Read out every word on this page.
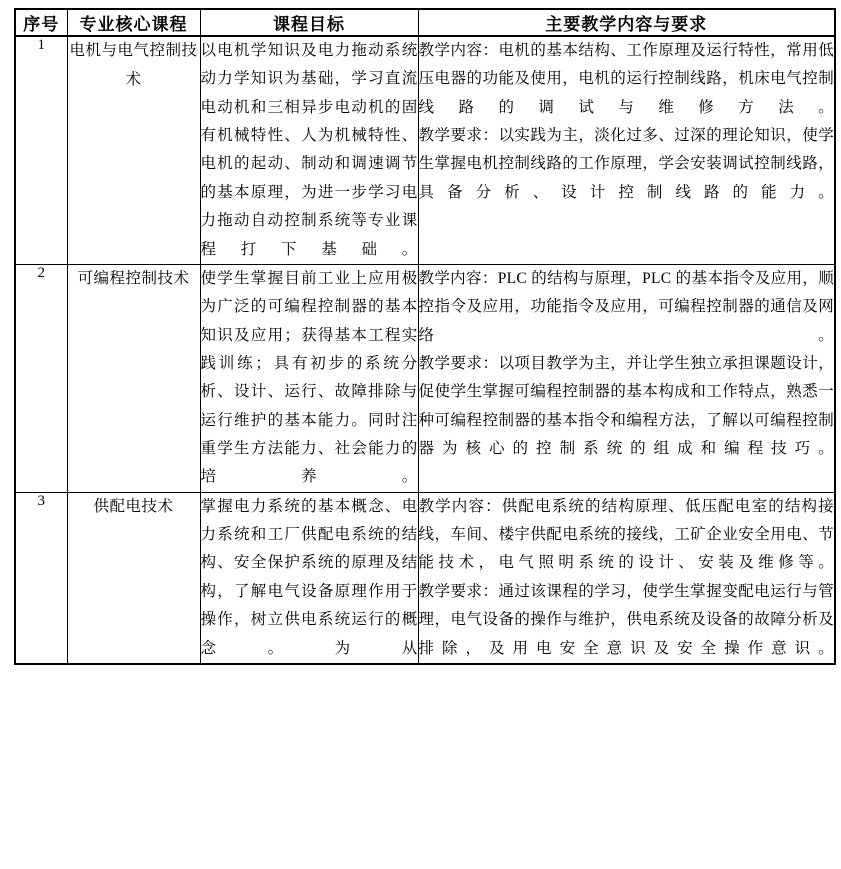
序号	专业核心课程	课程目标	主要教学内容与要求
1	电机与电气控制技术	以电机学知识及电力拖动系统动力学知识为基础，学习直流电动机和三相异步电动机的固有机械特性、人为机械特性、电机的起动、制动和调速调节的基本原理，为进一步学习电力拖动自动控制系统等专业课程打下基础。	教学内容：电机的基本结构、工作原理及运行特性，常用低压电器的功能及使用，电机的运行控制线路，机床电气控制线路的调试与维修方法。

教学要求：以实践为主，淡化过多、过深的理论知识，使学生掌握电机控制线路的工作原理，学会安装调试控制线路，具备分析、设计控制线路的能力。

2	可编程控制技术	使学生掌握目前工业上应用极为广泛的可编程控制器的基本知识及应用；获得基本工程实践训练；具有初步的系统分析、设计、运行、故障排除与运行维护的基本能力。同时注重学生方法能力、社会能力的培养。	教学内容：PLC 的结构与原理，PLC 的基本指令及应用，顺控指令及应用，功能指令及应用，可编程控制器的通信及网络。

教学要求：以项目教学为主，并让学生独立承担课题设计，促使学生掌握可编程控制器的基本构成和工作特点，熟悉一种可编程控制器的基本指令和编程方法，了解以可编程控制器为核心的控制系统的组成和编程技巧。

3	供配电技术	掌握电力系统的基本概念、电力系统和工厂供配电系统的结构、安全保护系统的原理及结构，了解电气设备原理作用于操作，树立供电系统运行的概念。为从	教学内容：供配电系统的结构原理、低压配电室的结构接线，车间、楼宇供配电系统的接线，工矿企业安全用电、节能技术，电气照明系统的设计、安装及维修等。

教学要求：通过该课程的学习，使学生掌握变配电运行与管理，电气设备的操作与维护，供电系统及设备的故障分析及排除，及用电安全意识及安全操作意识。
